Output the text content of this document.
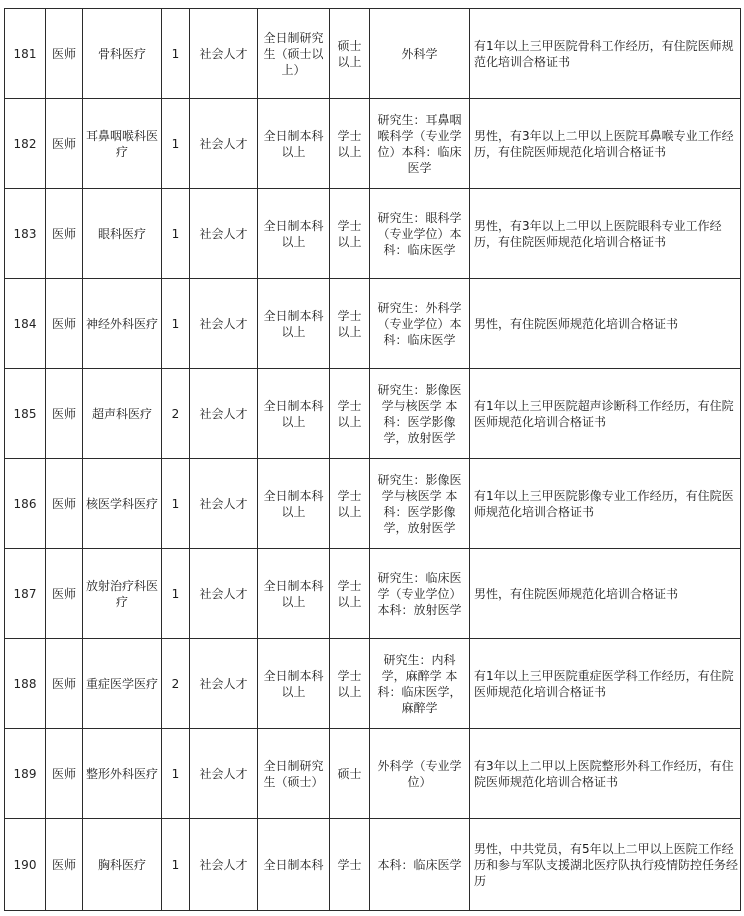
181	医师	骨科医疗	1	社会人才	全日制研究生（硕士以上）	硕士以上	外科学	有1年以上三甲医院骨科工作经历，有住院医师规范化培训合格证书
182	医师	耳鼻咽喉科医疗	1	社会人才	全日制本科以上	学士以上	研究生：耳鼻咽喉科学（专业学位）本科：临床医学	男性，有3年以上二甲以上医院耳鼻喉专业工作经历，有住院医师规范化培训合格证书
183	医师	眼科医疗	1	社会人才	全日制本科以上	学士以上	研究生：眼科学（专业学位）本科：临床医学	男性，有3年以上二甲以上医院眼科专业工作经历，有住院医师规范化培训合格证书
184	医师	神经外科医疗	1	社会人才	全日制本科以上	学士以上	研究生：外科学（专业学位）本科：临床医学	男性，有住院医师规范化培训合格证书
185	医师	超声科医疗	2	社会人才	全日制本科以上	学士以上	研究生：影像医学与核医学 本科：医学影像学，放射医学	有1年以上三甲医院超声诊断科工作经历，有住院医师规范化培训合格证书
186	医师	核医学科医疗	1	社会人才	全日制本科以上	学士以上	研究生：影像医学与核医学 本科：医学影像学，放射医学	有1年以上三甲医院影像专业工作经历，有住院医师规范化培训合格证书
187	医师	放射治疗科医疗	1	社会人才	全日制本科以上	学士以上	研究生：临床医学（专业学位）本科：放射医学	男性，有住院医师规范化培训合格证书
188	医师	重症医学医疗	2	社会人才	全日制本科以上	学士以上	研究生：内科学，麻醉学 本科：临床医学，麻醉学	有1年以上三甲医院重症医学科工作经历，有住院医师规范化培训合格证书
189	医师	整形外科医疗	1	社会人才	全日制研究生（硕士）	硕士	外科学（专业学位）	有3年以上二甲以上医院整形外科工作经历，有住院医师规范化培训合格证书
190	医师	胸科医疗	1	社会人才	全日制本科	学士	本科：临床医学	男性，中共党员，有5年以上二甲以上医院工作经历和参与军队支援湖北医疗队执行疫情防控任务经历
